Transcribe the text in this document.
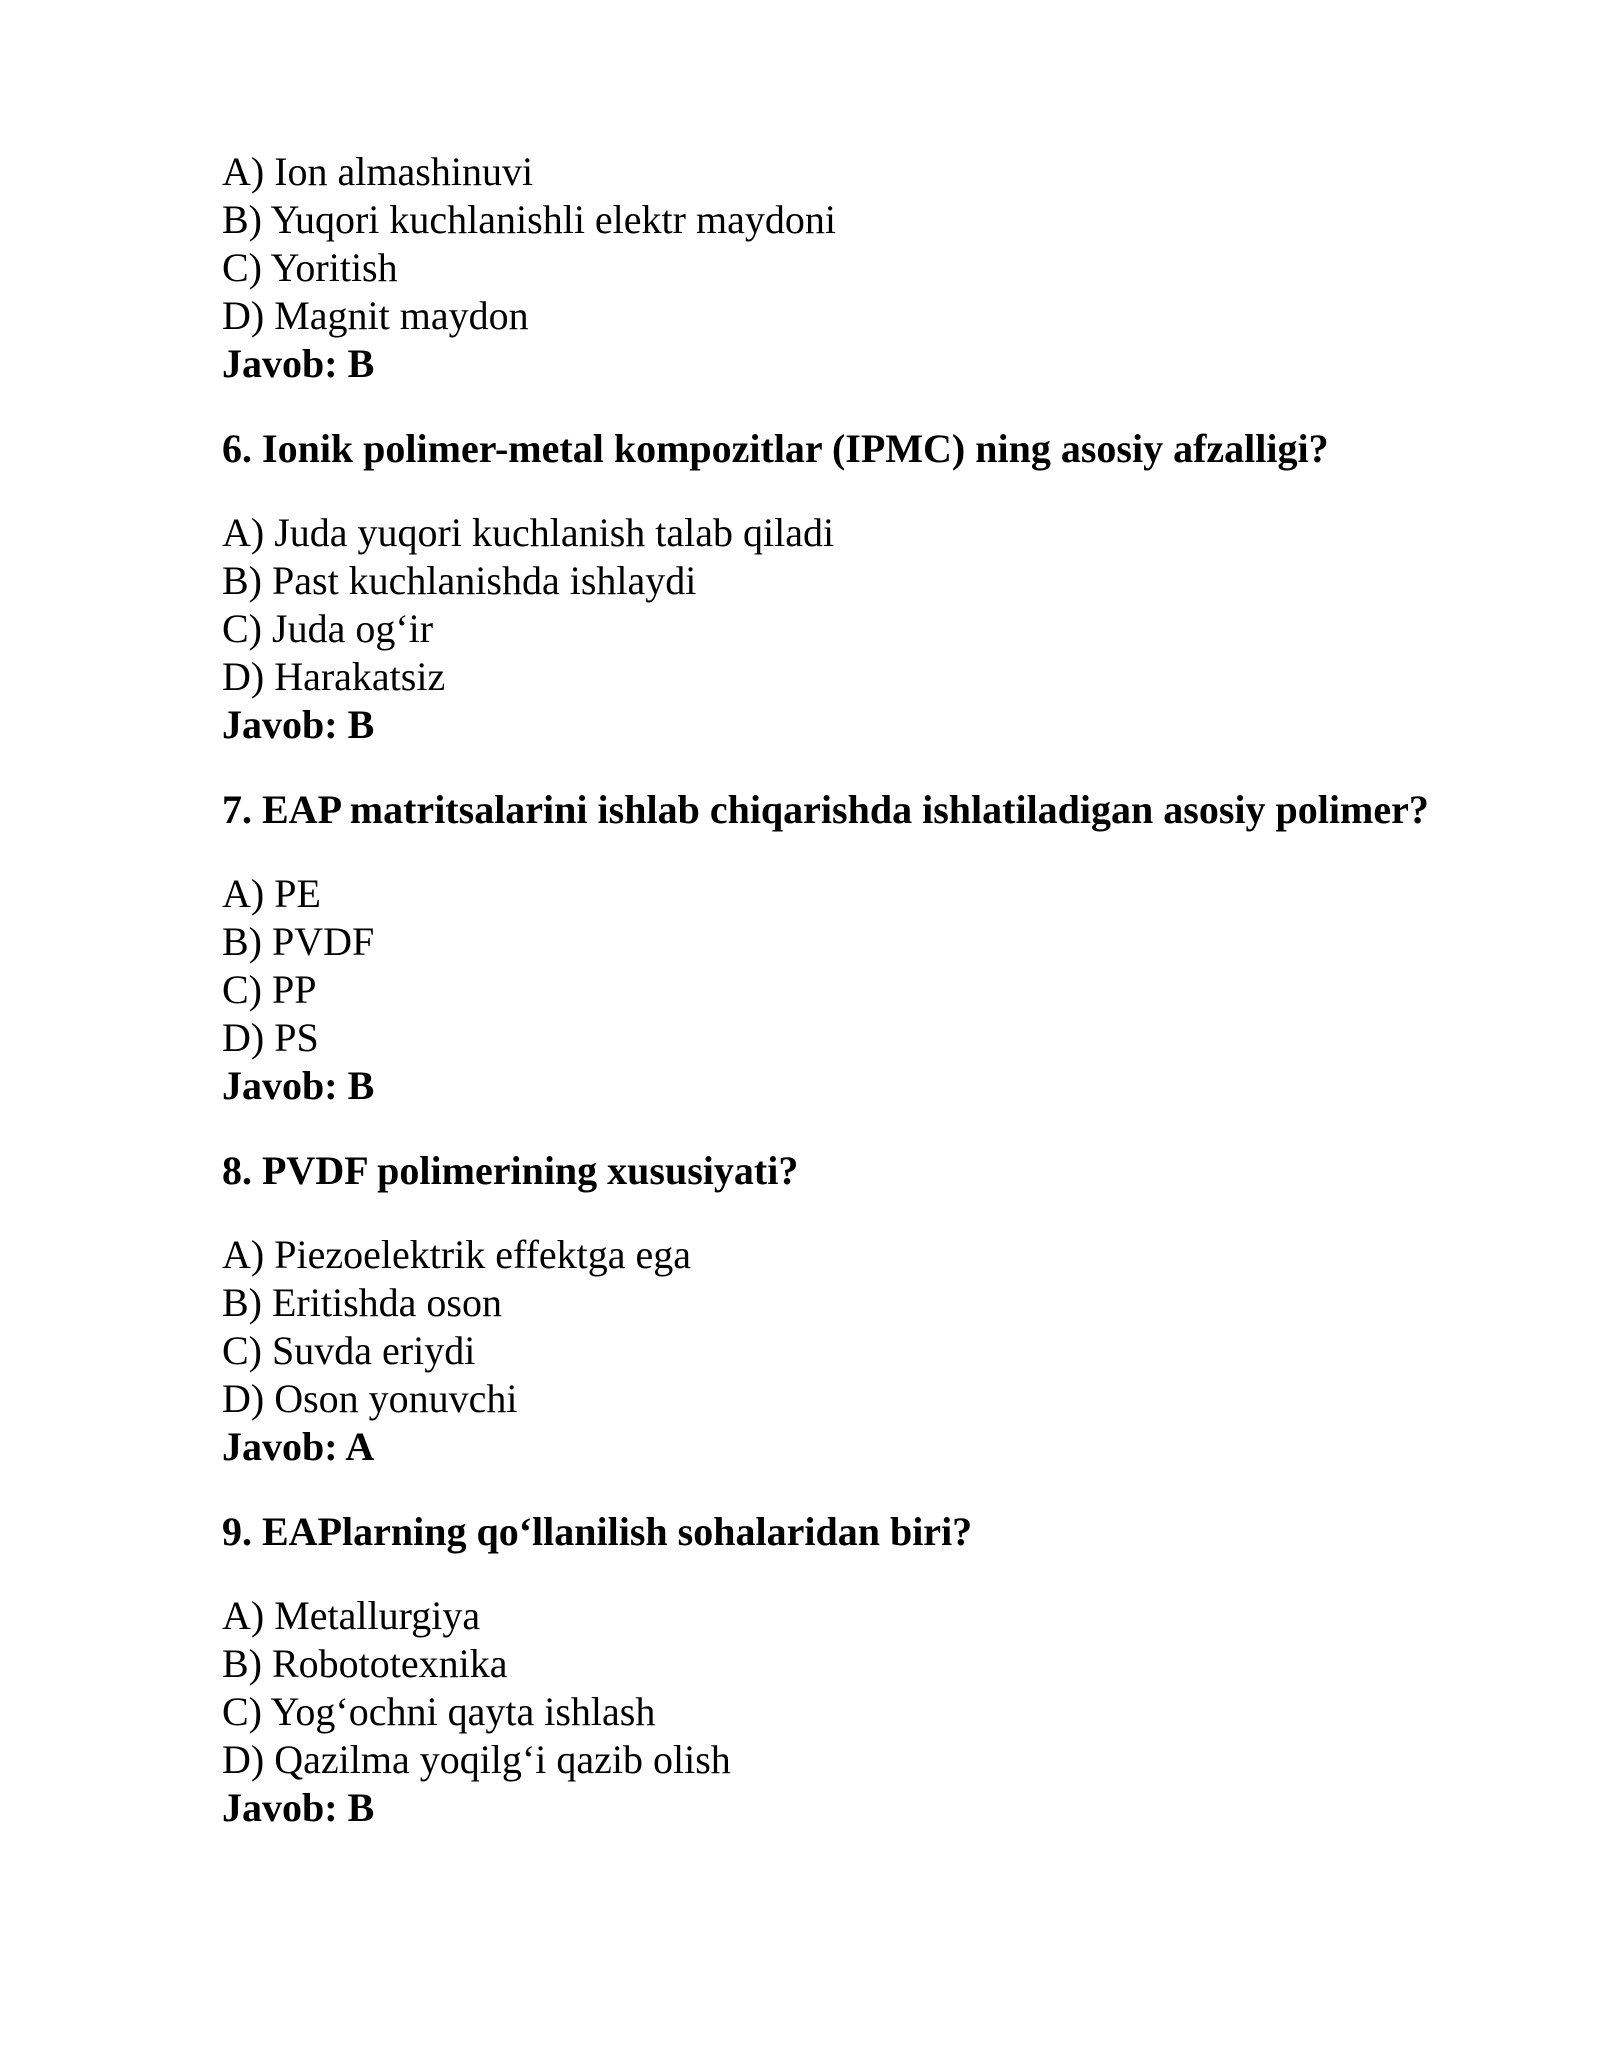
A) Ion almashinuvi
B) Yuqori kuchlanishli elektr maydoni
C) Yoritish
D) Magnit maydon
Javob: B
6. Ionik polimer-metal kompozitlar (IPMC) ning asosiy afzalligi?
A) Juda yuqori kuchlanish talab qiladi
B) Past kuchlanishda ishlaydi
C) Juda og‘ir
D) Harakatsiz
Javob: B
7. EAP matritsalarini ishlab chiqarishda ishlatiladigan asosiy polimer?
A) PE
B) PVDF
C) PP
D) PS
Javob: B
8. PVDF polimerining xususiyati?
A) Piezoelektrik effektga ega
B) Eritishda oson
C) Suvda eriydi
D) Oson yonuvchi
Javob: A
9. EAPlarning qo‘llanilish sohalaridan biri?
A) Metallurgiya
B) Robototexnika
C) Yog‘ochni qayta ishlash
D) Qazilma yoqilg‘i qazib olish
Javob: B
